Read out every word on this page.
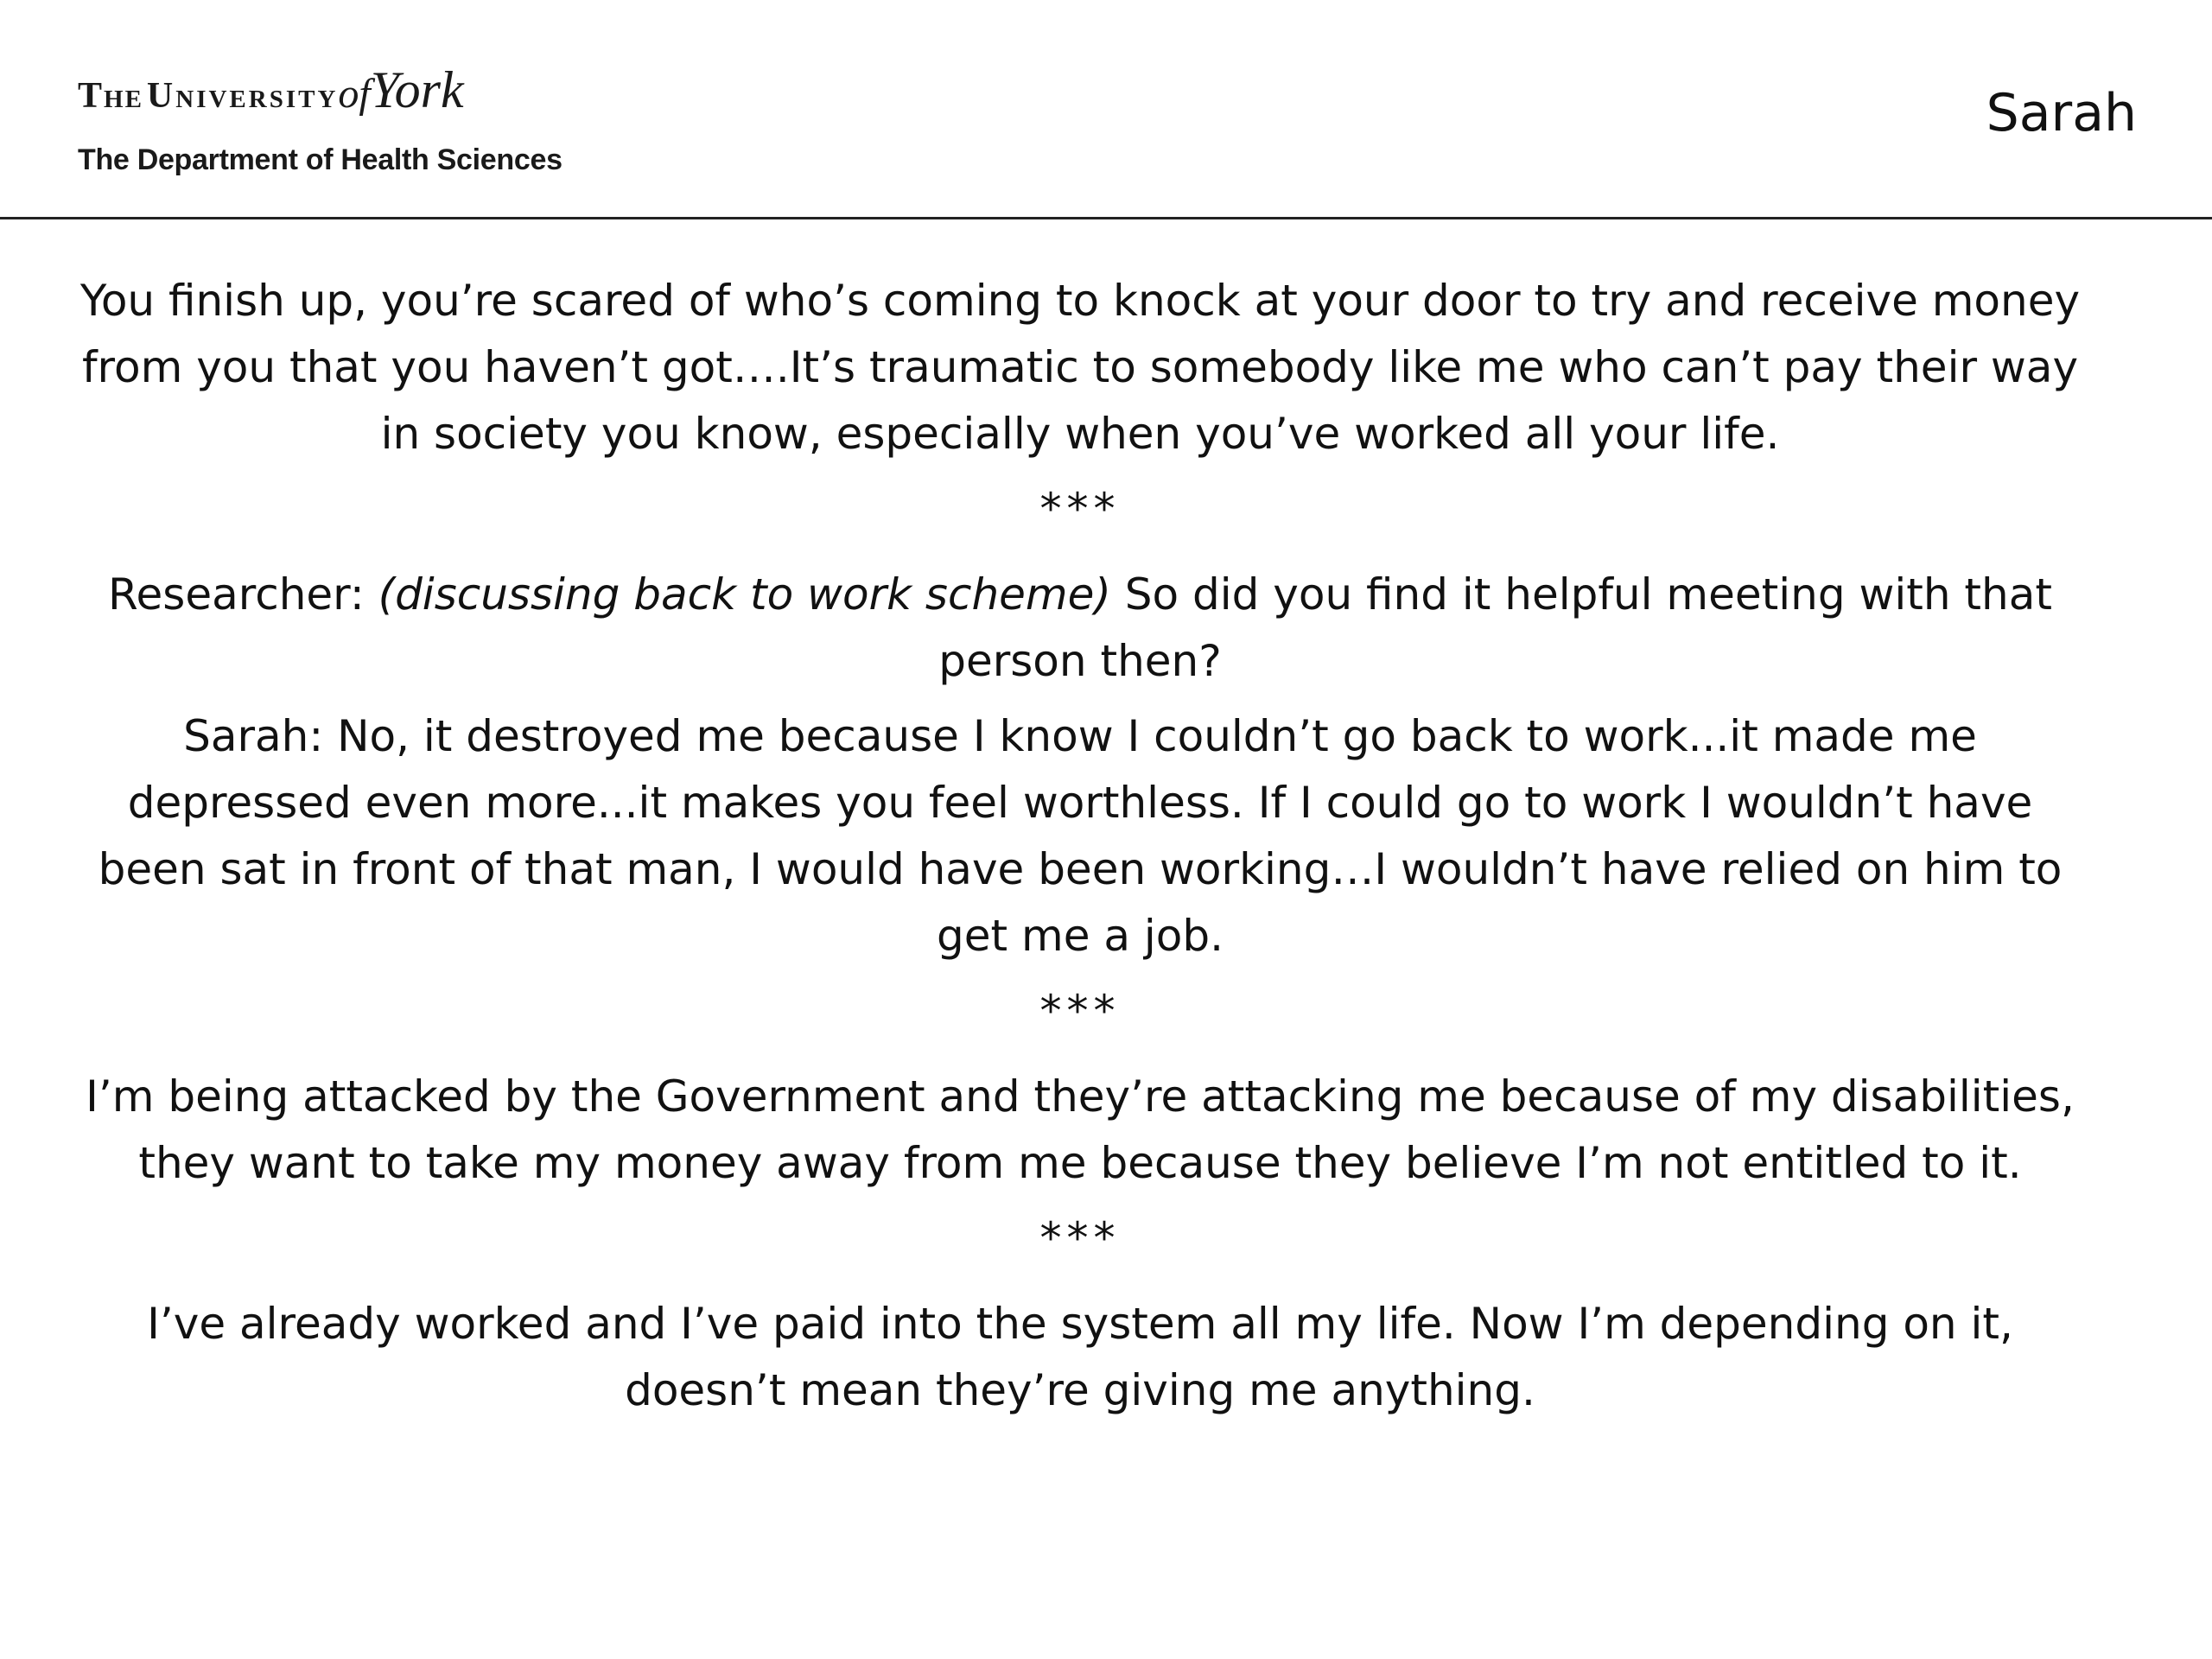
The UniversityofYork
The Department of Health Sciences
Sarah

You finish up, you’re scared of who’s coming to knock at your door to try and receive money from you that you haven’t got….It’s traumatic to somebody like me who can’t pay their way in society you know, especially when you’ve worked all your life.

***

Researcher: (discussing back to work scheme) So did you find it helpful meeting with that person then?

Sarah: No, it destroyed me because I know I couldn’t go back to work...it made me depressed even more...it makes you feel worthless. If I could go to work I wouldn’t have been sat in front of that man, I would have been working…I wouldn’t have relied on him to get me a job.

***

I’m being attacked by the Government and they’re attacking me because of my disabilities, they want to take my money away from me because they believe I’m not entitled to it.

***

I’ve already worked and I’ve paid into the system all my life. Now I’m depending on it, doesn’t mean they’re giving me anything.
